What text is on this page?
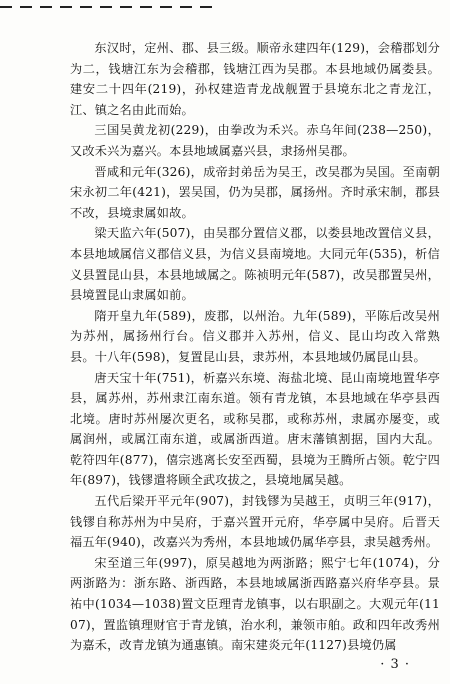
东汉时，定州、郡、县三级。顺帝永建四年(129)，会稽郡划分为二，钱塘江东为会稽郡，钱塘江西为吴郡。本县地域仍属娄县。建安二十四年(219)，孙权建造青龙战舰置于县境东北之青龙江，江、镇之名由此而始。

三国吴黄龙初(229)，由拳改为禾兴。赤乌年间(238—250)，又改禾兴为嘉兴。本县地域属嘉兴县，隶扬州吴郡。

晋咸和元年(326)，成帝封弟岳为吴王，改吴郡为吴国。至南朝宋永初二年(421)，罢吴国，仍为吴郡，属扬州。齐时承宋制，郡县不改，县境隶属如故。

梁天监六年(507)，由吴郡分置信义郡，以娄县地改置信义县，本县地域属信义郡信义县，为信义县南境地。大同元年(535)，析信义县置昆山县，本县地域属之。陈祯明元年(587)，改吴郡置吴州，县境置昆山隶属如前。

隋开皇九年(589)，废郡，以州治。九年(589)，平陈后改吴州为苏州，属扬州行台。信义郡并入苏州，信义、昆山均改入常熟县。十八年(598)，复置昆山县，隶苏州，本县地域仍属昆山县。

唐天宝十年(751)，析嘉兴东境、海盐北境、昆山南境地置华亭县，属苏州，苏州隶江南东道。领有青龙镇，本县地域在华亭县西北境。唐时苏州屡次更名，或称吴郡，或称苏州，隶属亦屡变，或属润州，或属江南东道，或属浙西道。唐末藩镇割据，国内大乱。乾符四年(877)，僖宗逃离长安至西蜀，县境为王腾所占领。乾宁四年(897)，钱镠遣将顾全武攻拔之，县境地属吴越。

五代后梁开平元年(907)，封钱镠为吴越王，贞明三年(917)，钱镠自称苏州为中吴府，于嘉兴置开元府，华亭属中吴府。后晋天福五年(940)，改嘉兴为秀州，本县地域仍属华亭县，隶吴越秀州。

宋至道三年(997)，原吴越地为两浙路；熙宁七年(1074)，分两浙路为：浙东路、浙西路，本县地域属浙西路嘉兴府华亭县。景祐中(1034—1038)置文臣理青龙镇事，以右职副之。大观元年(1107)，置监镇理财官于青龙镇，治水利，兼领市舶。政和四年改秀州为嘉禾，改青龙镇为通惠镇。南宋建炎元年(1127)县境仍属

· 3 ·
